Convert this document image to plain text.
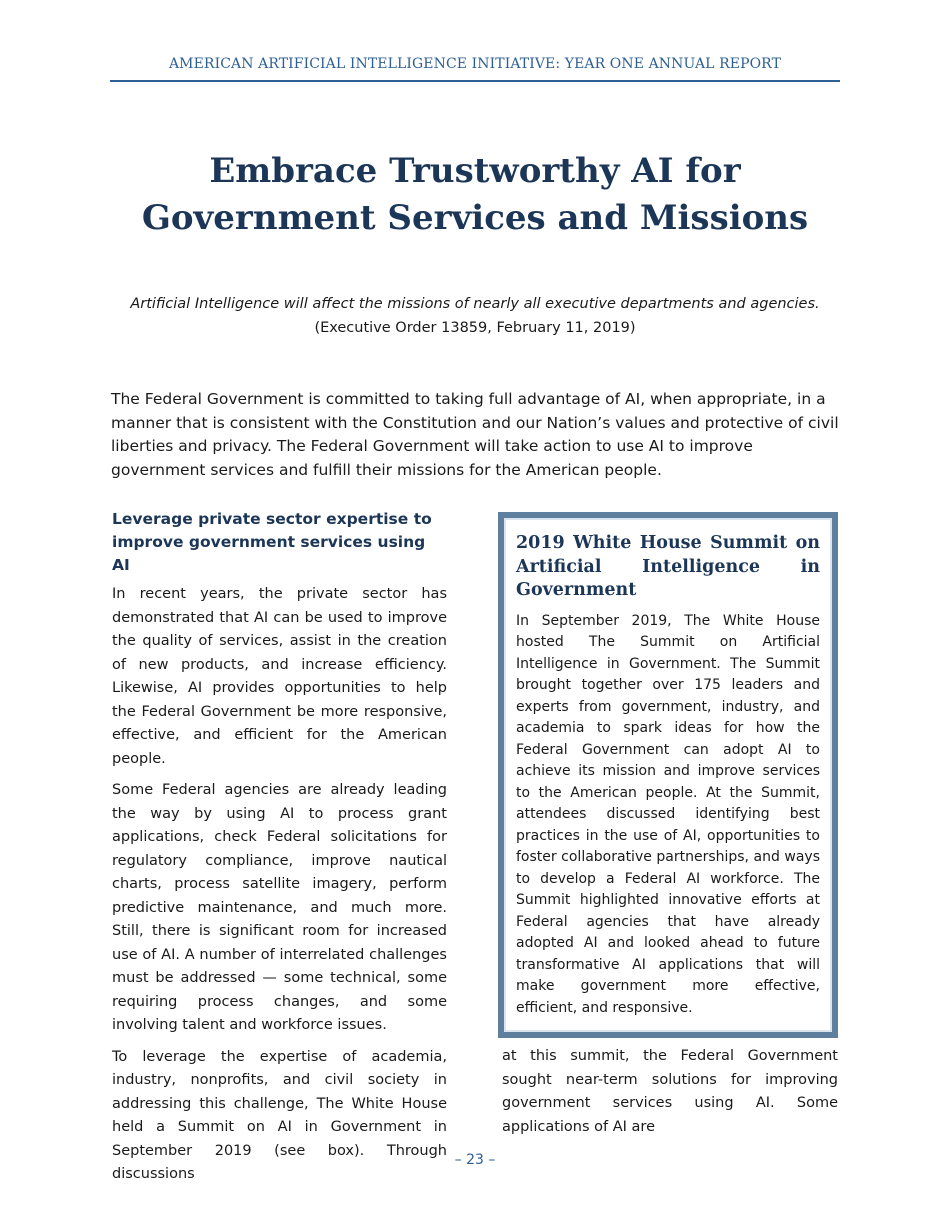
AMERICAN ARTIFICIAL INTELLIGENCE INITIATIVE: YEAR ONE ANNUAL REPORT
Embrace Trustworthy AI for
Government Services and Missions
Artificial Intelligence will affect the missions of nearly all executive departments and agencies.
(Executive Order 13859, February 11, 2019)

The Federal Government is committed to taking full advantage of AI, when appropriate, in a manner that is consistent with the Constitution and our Nation’s values and protective of civil liberties and privacy. The Federal Government will take action to use AI to improve government services and fulfill their missions for the American people.

Leverage private sector expertise to improve government services using AI

In recent years, the private sector has demonstrated that AI can be used to improve the quality of services, assist in the creation of new products, and increase efficiency. Likewise, AI provides opportunities to help the Federal Government be more responsive, effective, and efficient for the American people.

Some Federal agencies are already leading the way by using AI to process grant applications, check Federal solicitations for regulatory compliance, improve nautical charts, process satellite imagery, perform predictive maintenance, and much more. Still, there is significant room for increased use of AI. A number of interrelated challenges must be addressed — some technical, some requiring process changes, and some involving talent and workforce issues.

To leverage the expertise of academia, industry, nonprofits, and civil society in addressing this challenge, The White House held a Summit on AI in Government in September 2019 (see box). Through discussions

2019 White House Summit on Artificial Intelligence in Government

In September 2019, The White House hosted The Summit on Artificial Intelligence in Government. The Summit brought together over 175 leaders and experts from government, industry, and academia to spark ideas for how the Federal Government can adopt AI to achieve its mission and improve services to the American people. At the Summit, attendees discussed identifying best practices in the use of AI, opportunities to foster collaborative partnerships, and ways to develop a Federal AI workforce. The Summit highlighted innovative efforts at Federal agencies that have already adopted AI and looked ahead to future transformative AI applications that will make government more effective, efficient, and responsive.

at this summit, the Federal Government sought near-term solutions for improving government services using AI. Some applications of AI are

– 23 –
